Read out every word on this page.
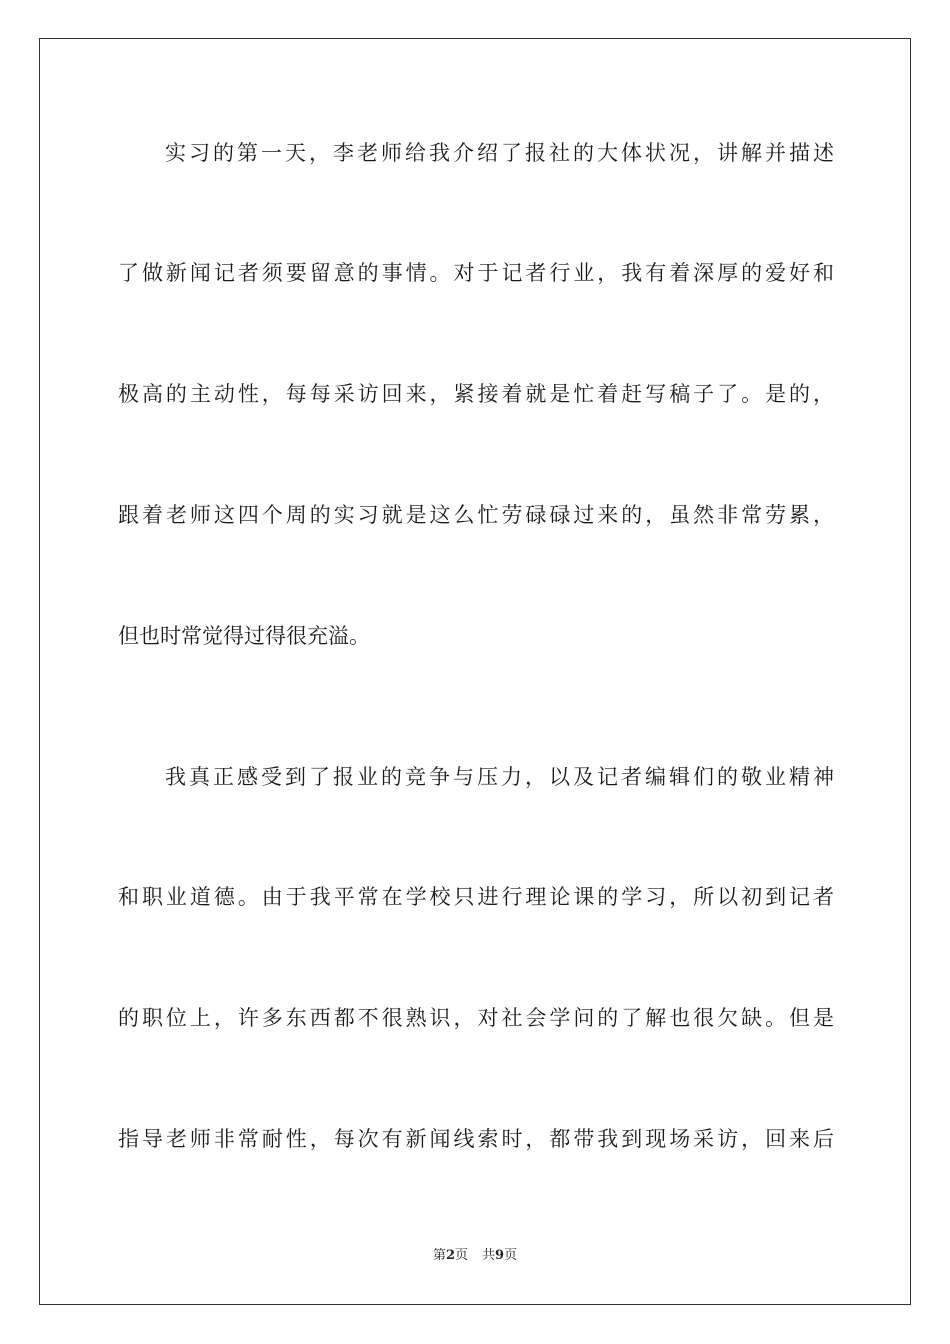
实习的第一天，李老师给我介绍了报社的大体状况，讲解并描述
了做新闻记者须要留意的事情。对于记者行业，我有着深厚的爱好和
极高的主动性，每每采访回来，紧接着就是忙着赶写稿子了。是的，
跟着老师这四个周的实习就是这么忙劳碌碌过来的，虽然非常劳累，
但也时常觉得过得很充溢。
我真正感受到了报业的竞争与压力，以及记者编辑们的敬业精神
和职业道德。由于我平常在学校只进行理论课的学习，所以初到记者
的职位上，许多东西都不很熟识，对社会学问的了解也很欠缺。但是
指导老师非常耐性，每次有新闻线索时，都带我到现场采访，回来后
第2页 共9页
